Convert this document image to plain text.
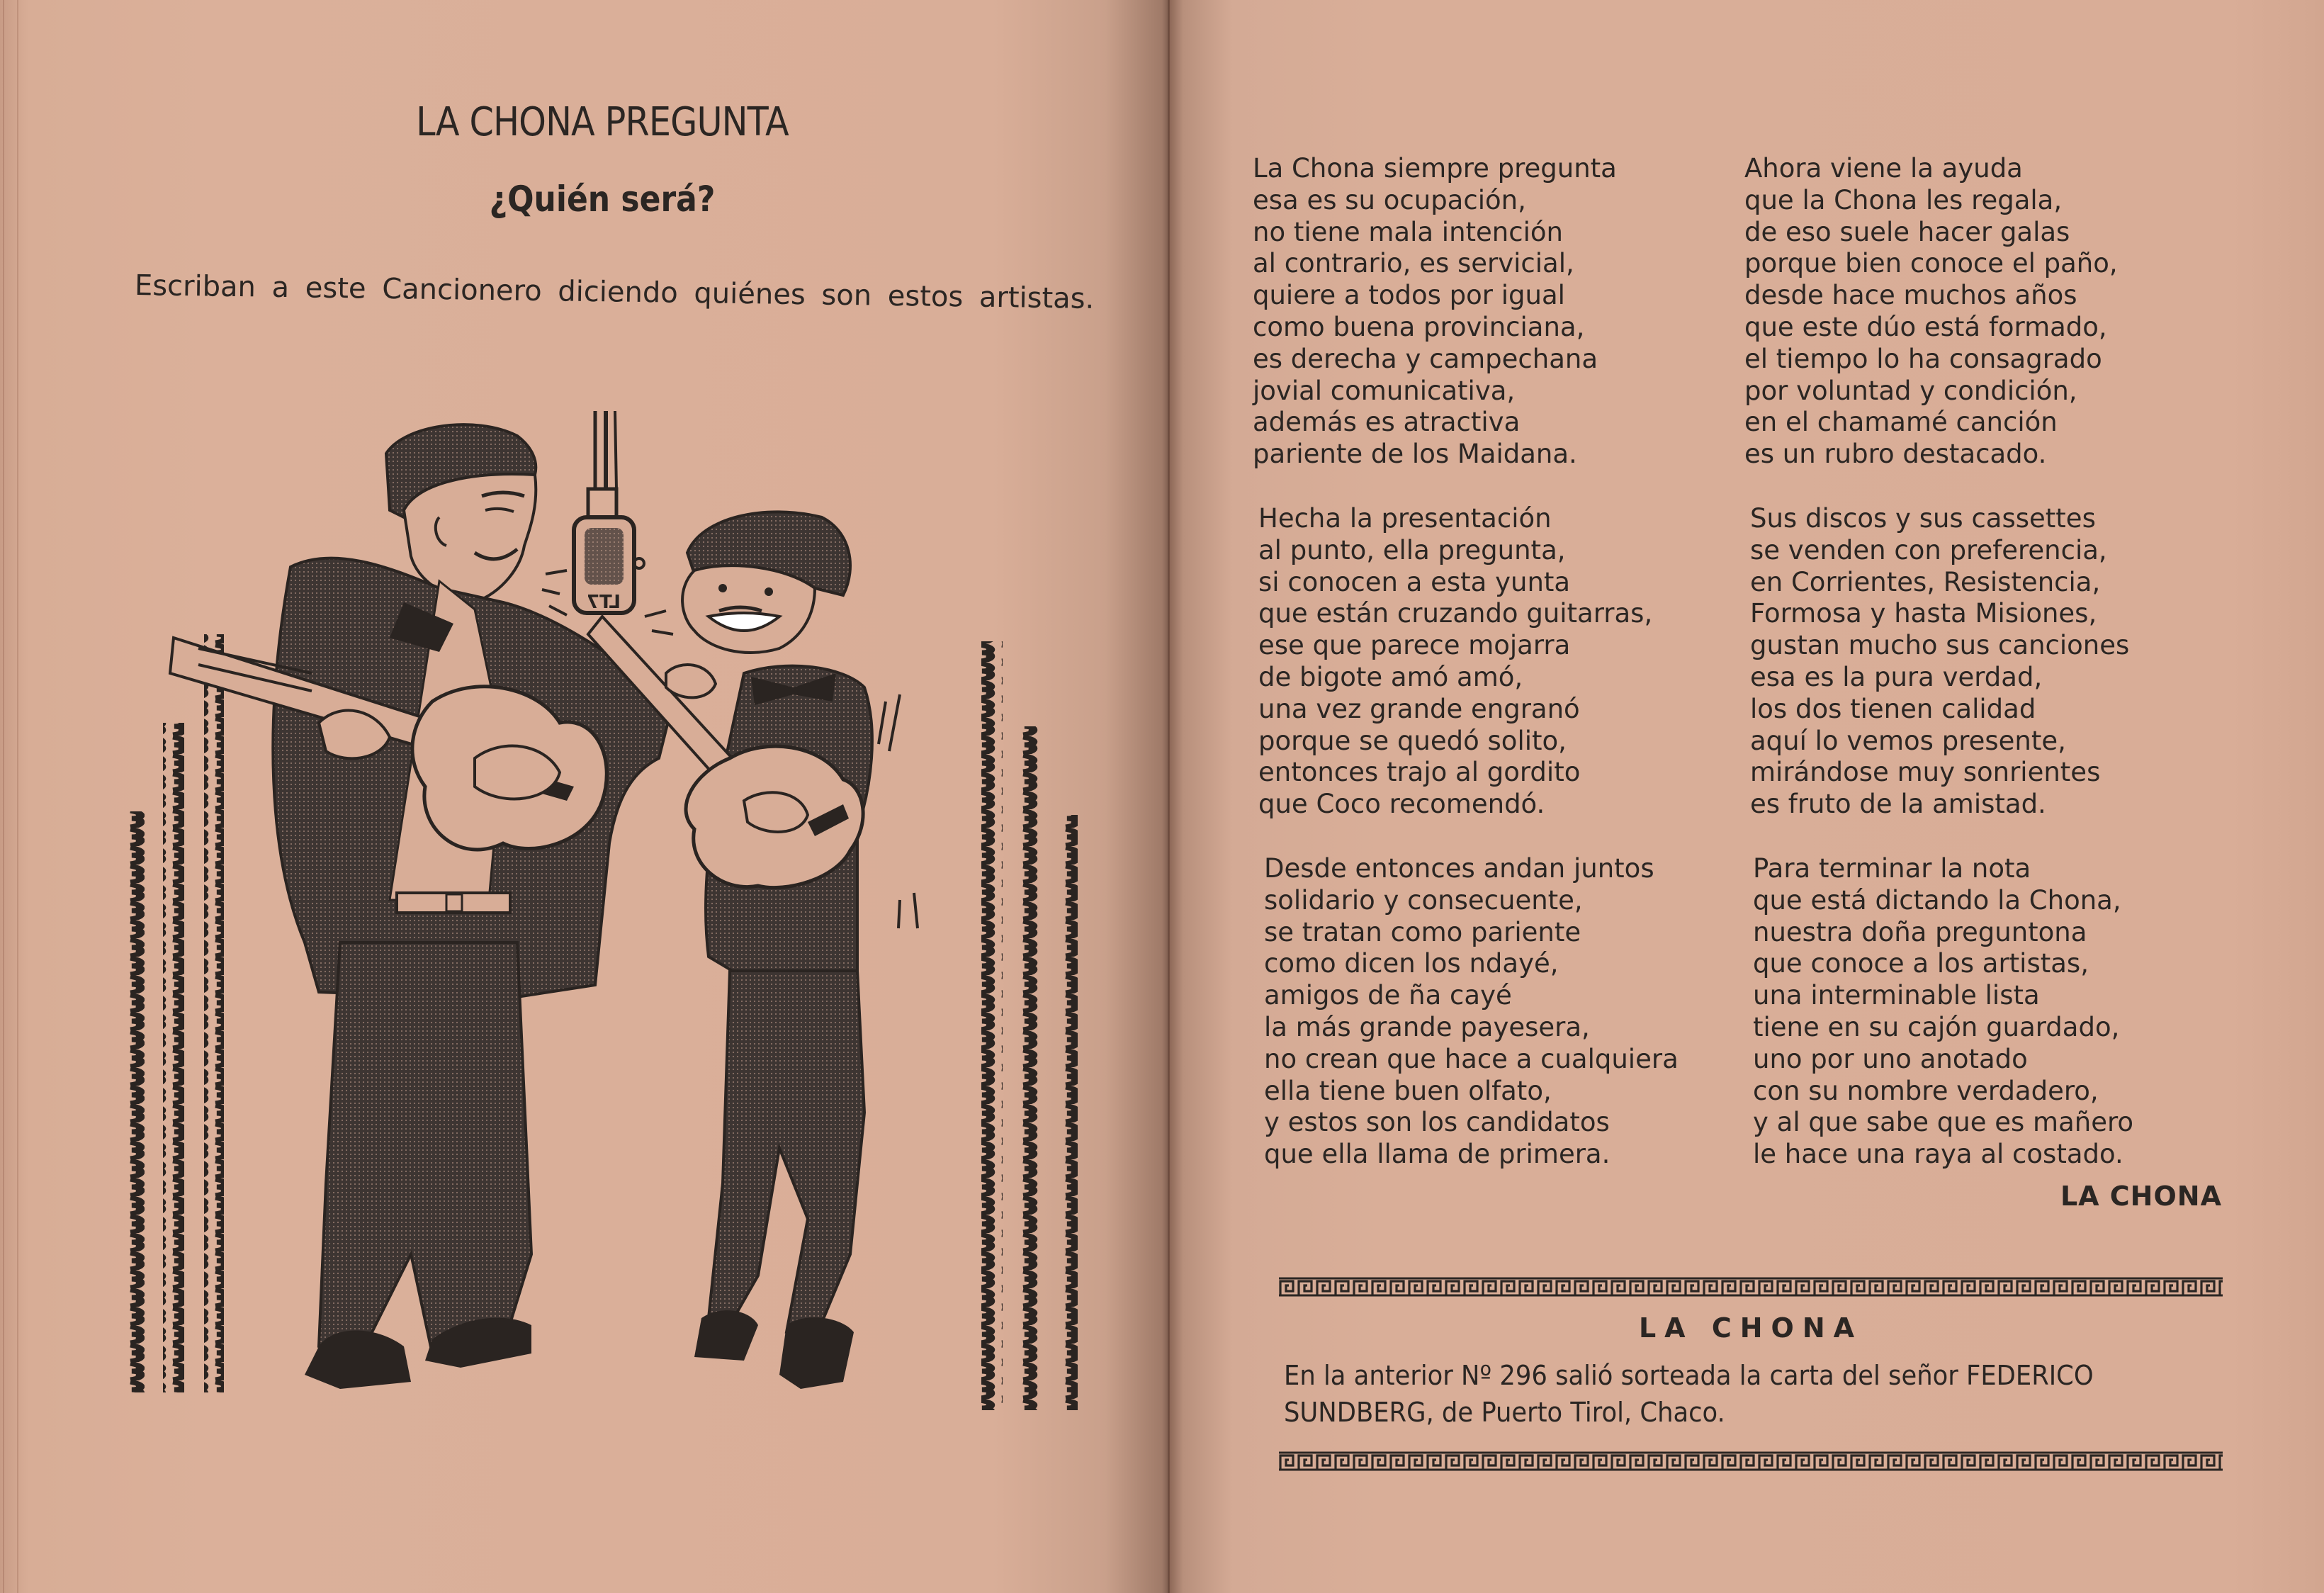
LA CHONA PREGUNTA
¿Quién será?

Escriban a este Cancionero diciendo quiénes son estos artistas.

LT7
La Chona siempre pregunta
esa es su ocupación,
no tiene mala intención
al contrario, es servicial,
quiere a todos por igual
como buena provinciana,
es derecha y campechana
jovial comunicativa,
además es atractiva
pariente de los Maidana.
Hecha la presentación
al punto, ella pregunta,
si conocen a esta yunta
que están cruzando guitarras,
ese que parece mojarra
de bigote amó amó,
una vez grande engranó
porque se quedó solito,
entonces trajo al gordito
que Coco recomendó.
Desde entonces andan juntos
solidario y consecuente,
se tratan como pariente
como dicen los ndayé,
amigos de ña cayé
la más grande payesera,
no crean que hace a cualquiera
ella tiene buen olfato,
y estos son los candidatos
que ella llama de primera.
Ahora viene la ayuda
que la Chona les regala,
de eso suele hacer galas
porque bien conoce el paño,
desde hace muchos años
que este dúo está formado,
el tiempo lo ha consagrado
por voluntad y condición,
en el chamamé canción
es un rubro destacado.
Sus discos y sus cassettes
se venden con preferencia,
en Corrientes, Resistencia,
Formosa y hasta Misiones,
gustan mucho sus canciones
esa es la pura verdad,
los dos tienen calidad
aquí lo vemos presente,
mirándose muy sonrientes
es fruto de la amistad.
Para terminar la nota
que está dictando la Chona,
nuestra doña preguntona
que conoce a los artistas,
una interminable lista
tiene en su cajón guardado,
uno por uno anotado
con su nombre verdadero,
y al que sabe que es mañero
le hace una raya al costado.
LA CHONA
LA CHONA
En la anterior Nº 296 salió sorteada la carta del señor FEDERICO
SUNDBERG, de Puerto Tirol, Chaco.
